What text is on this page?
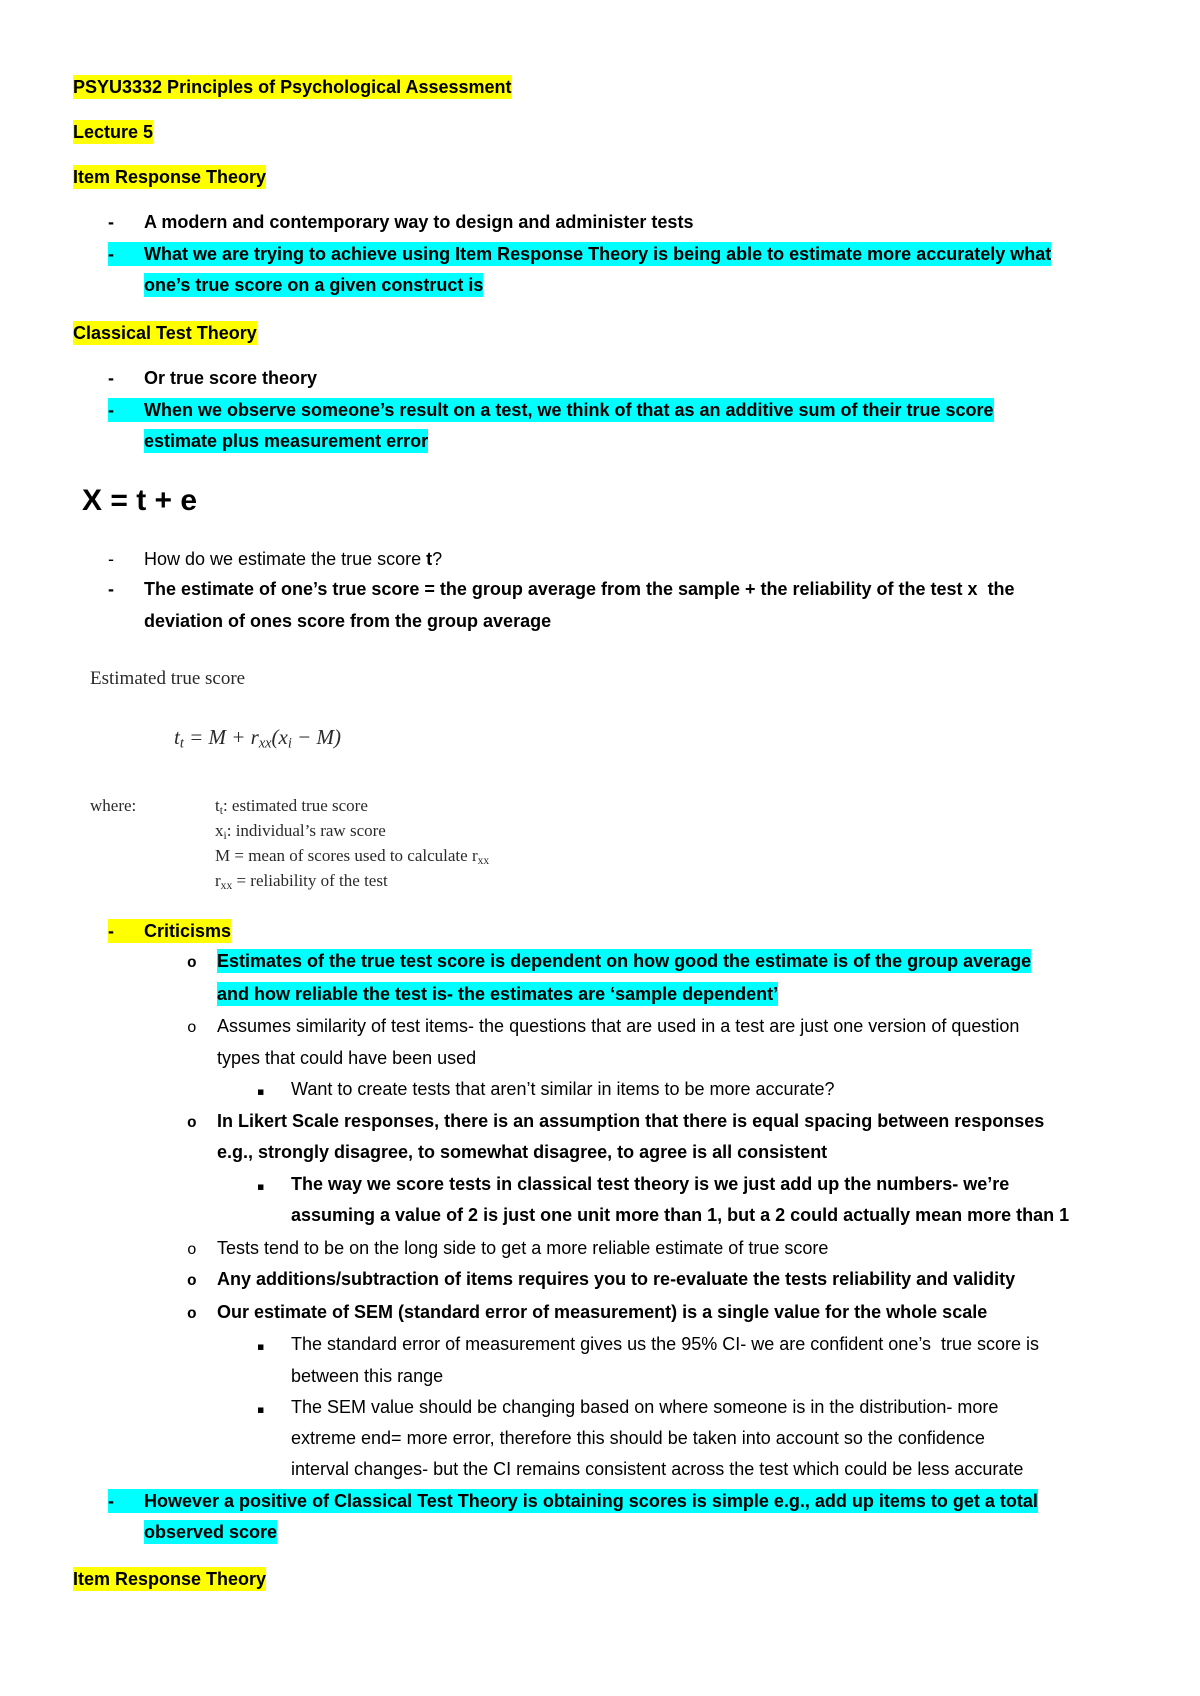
PSYU3332 Principles of Psychological Assessment
Lecture 5
Item Response Theory
- A modern and contemporary way to design and administer tests
- What we are trying to achieve using Item Response Theory is being able to estimate more accurately what
one’s true score on a given construct is
Classical Test Theory
- Or true score theory
- When we observe someone’s result on a test, we think of that as an additive sum of their true score
estimate plus measurement error
X = t + e
- How do we estimate the true score t?
- The estimate of one’s true score = the group average from the sample + the reliability of the test x  the
deviation of ones score from the group average
Estimated true score
$t_t = M + r_{xx}(x_i - M)$
where:	$t_t$: estimated true score
$x_i$: individual’s raw score
M = mean of scores used to calculate $r_{xx}$
$r_{xx}$ = reliability of the test
- Criticisms
o Estimates of the true test score is dependent on how good the estimate is of the group average
and how reliable the test is- the estimates are ‘sample dependent’
o Assumes similarity of test items- the questions that are used in a test are just one version of question
types that could have been used
▪ Want to create tests that aren’t similar in items to be more accurate?
o In Likert Scale responses, there is an assumption that there is equal spacing between responses
e.g., strongly disagree, to somewhat disagree, to agree is all consistent
▪ The way we score tests in classical test theory is we just add up the numbers- we’re
assuming a value of 2 is just one unit more than 1, but a 2 could actually mean more than 1
o Tests tend to be on the long side to get a more reliable estimate of true score
o Any additions/subtraction of items requires you to re-evaluate the tests reliability and validity
o Our estimate of SEM (standard error of measurement) is a single value for the whole scale
▪ The standard error of measurement gives us the 95% CI- we are confident one’s  true score is
between this range
▪ The SEM value should be changing based on where someone is in the distribution- more
extreme end= more error, therefore this should be taken into account so the confidence
interval changes- but the CI remains consistent across the test which could be less accurate
- However a positive of Classical Test Theory is obtaining scores is simple e.g., add up items to get a total
observed score
Item Response Theory
